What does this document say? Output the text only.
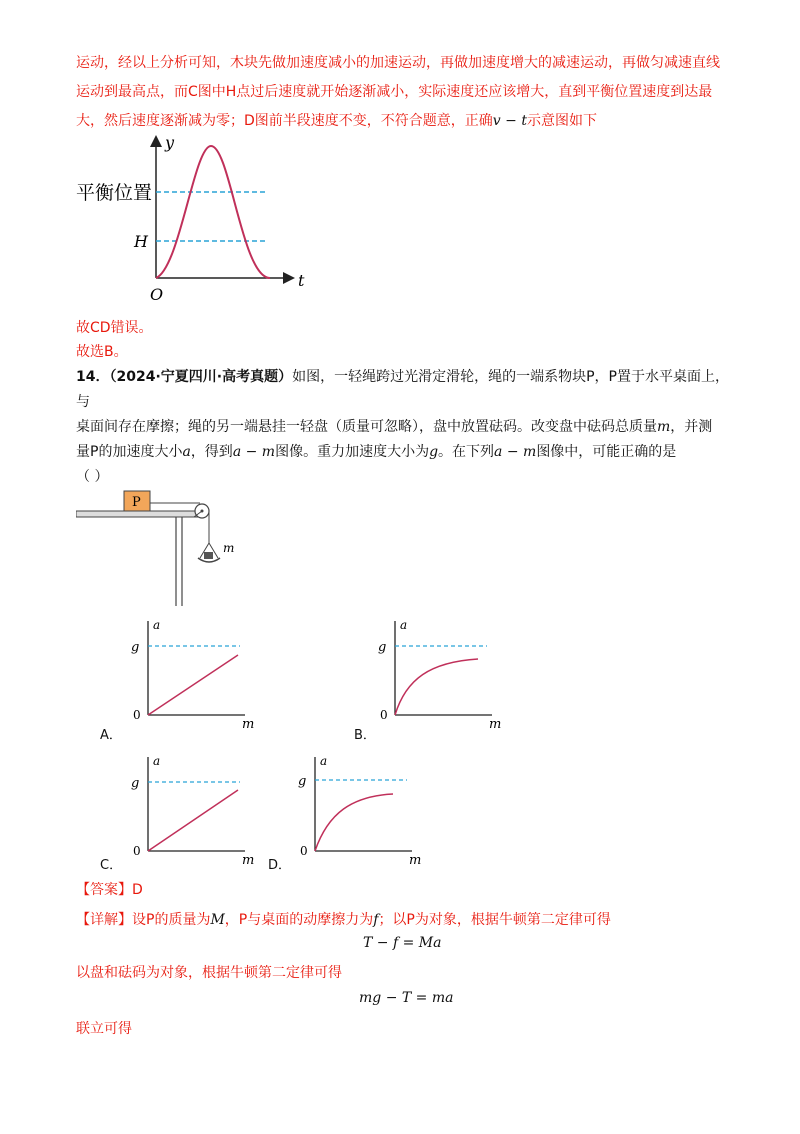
运动，经以上分析可知，木块先做加速度减小的加速运动，再做加速度增大的减速运动，再做匀减速直线
运动到最高点，而C图中H点过后速度就开始逐渐减小，实际速度还应该增大，直到平衡位置速度到达最
大，然后速度逐渐减为零；D图前半段速度不变，不符合题意，正确v − t示意图如下
y
t
O
平衡位置
H
故CD错误。
故选B。
14．（2024·宁夏四川·高考真题）如图，一轻绳跨过光滑定滑轮，绳的一端系物块P，P置于水平桌面上，
与
桌面间存在摩擦；绳的另一端悬挂一轻盘（质量可忽略），盘中放置砝码。改变盘中砝码总质量m，并测
量P的加速度大小a，得到a − m图像。重力加速度大小为g。在下列a − m图像中，可能正确的是
（ ）
P
m
a
g
0
m
A．
a
g
0
m
B．
a
g
0
m
C．
a
g
0
m
D．
【答案】D
【详解】设P的质量为M，P与桌面的动摩擦力为f；以P为对象，根据牛顿第二定律可得
T − f = Ma
以盘和砝码为对象，根据牛顿第二定律可得
mg − T = ma
联立可得
